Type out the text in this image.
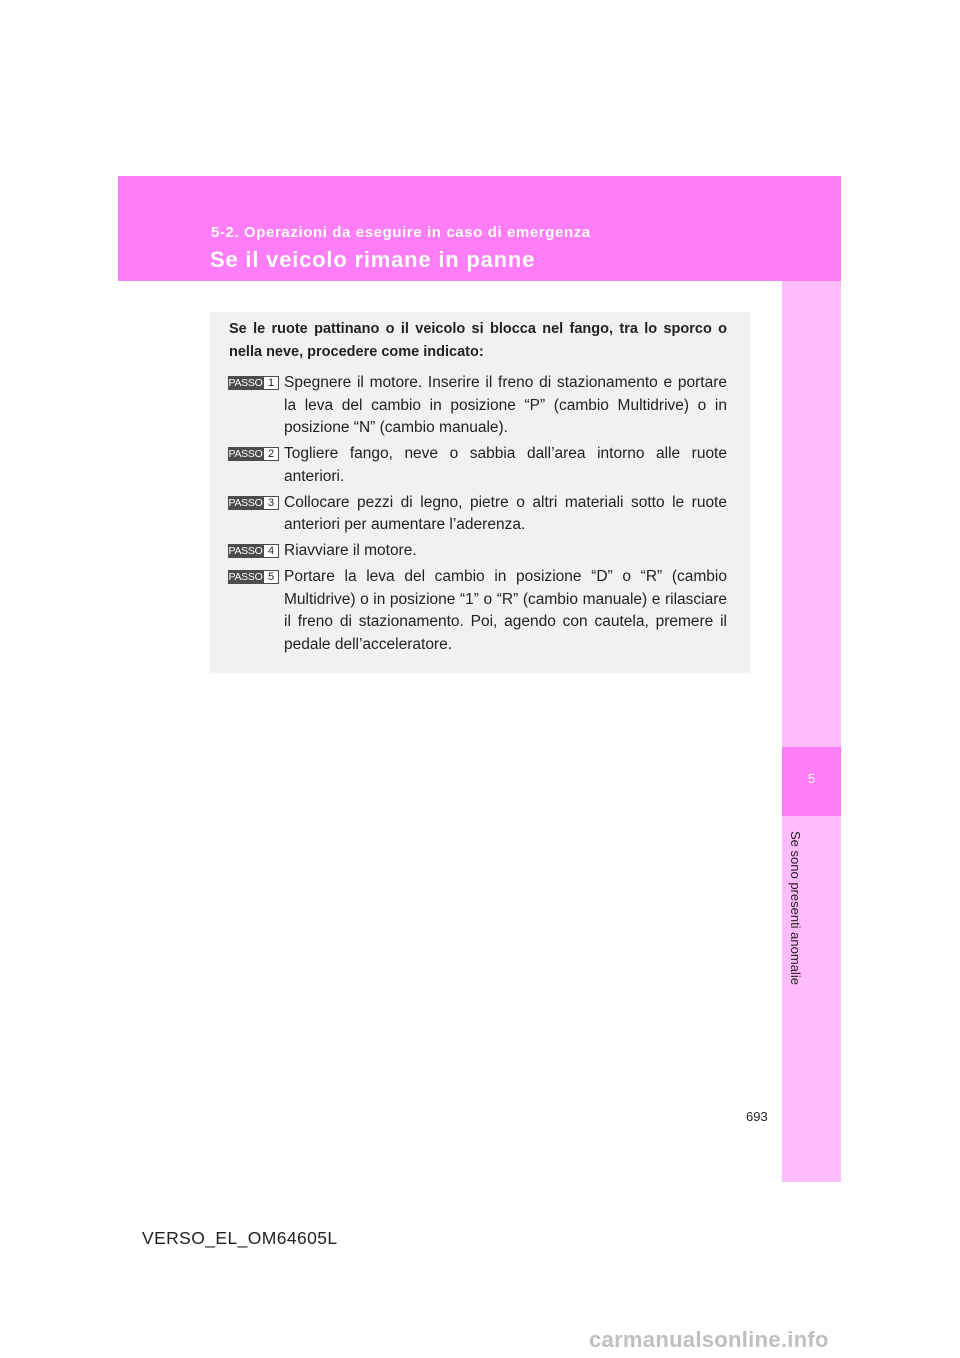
5-2. Operazioni da eseguire in caso di emergenza
Se il veicolo rimane in panne
5
Se sono presenti anomalie
Se le ruote pattinano o il veicolo si blocca nel fango, tra lo sporco o nella neve, procedere come indicato:
PASSO 1 Spegnere il motore. Inserire il freno di stazionamento e portare la leva del cambio in posizione “P” (cambio Multidrive) o in posizione “N” (cambio manuale).
PASSO 2 Togliere fango, neve o sabbia dall’area intorno alle ruote anteriori.
PASSO 3 Collocare pezzi di legno, pietre o altri materiali sotto le ruote anteriori per aumentare l’aderenza.
PASSO 4 Riavviare il motore.
PASSO 5 Portare la leva del cambio in posizione “D” o “R” (cambio Multidrive) o in posizione “1” o “R” (cambio manuale) e rilasciare il freno di stazionamento. Poi, agendo con cautela, premere il pedale dell’acceleratore.
693
VERSO_EL_OM64605L
carmanualsonline.info
